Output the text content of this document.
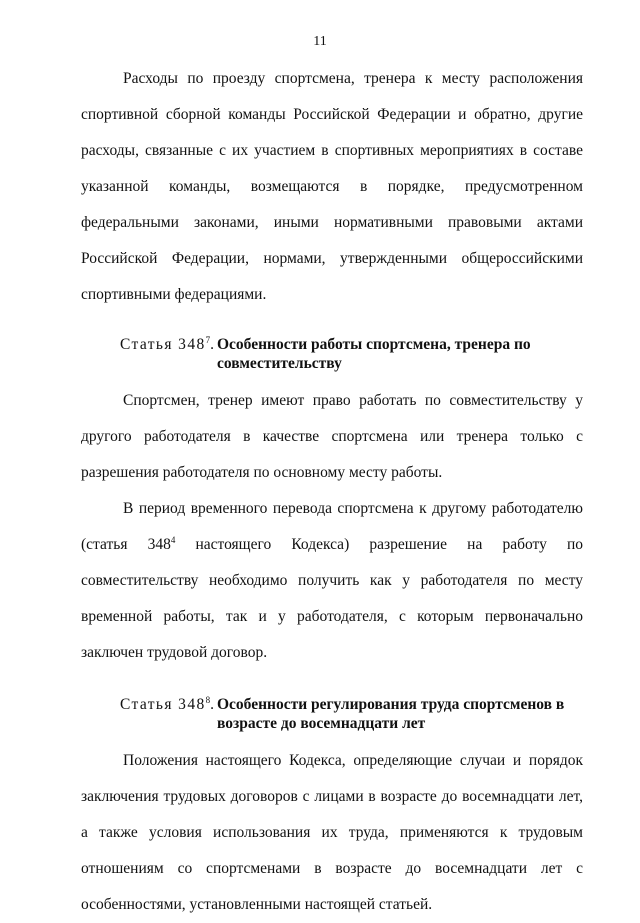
11

Расходы по проезду спортсмена, тренера к месту расположения спортивной сборной команды Российской Федерации и обратно, другие расходы, связанные с их участием в спортивных мероприятиях в составе указанной команды, возмещаются в порядке, предусмотренном федеральными законами, иными нормативными правовыми актами Российской Федерации, нормами, утвержденными общероссийскими спортивными федерациями.

Статья $348^7$. Особенности работы спортсмена, тренера по совместительству

Спортсмен, тренер имеют право работать по совместительству у другого работодателя в качестве спортсмена или тренера только с разрешения работодателя по основному месту работы.

В период временного перевода спортсмена к другому работодателю (статья $348^4$ настоящего Кодекса) разрешение на работу по совместительству необходимо получить как у работодателя по месту временной работы, так и у работодателя, с которым первоначально заключен трудовой договор.

Статья $348^8$. Особенности регулирования труда спортсменов в возрасте до восемнадцати лет

Положения настоящего Кодекса, определяющие случаи и порядок заключения трудовых договоров с лицами в возрасте до восемнадцати лет, а также условия использования их труда, применяются к трудовым отношениям со спортсменами в возрасте до восемнадцати лет с особенностями, установленными настоящей статьей.
